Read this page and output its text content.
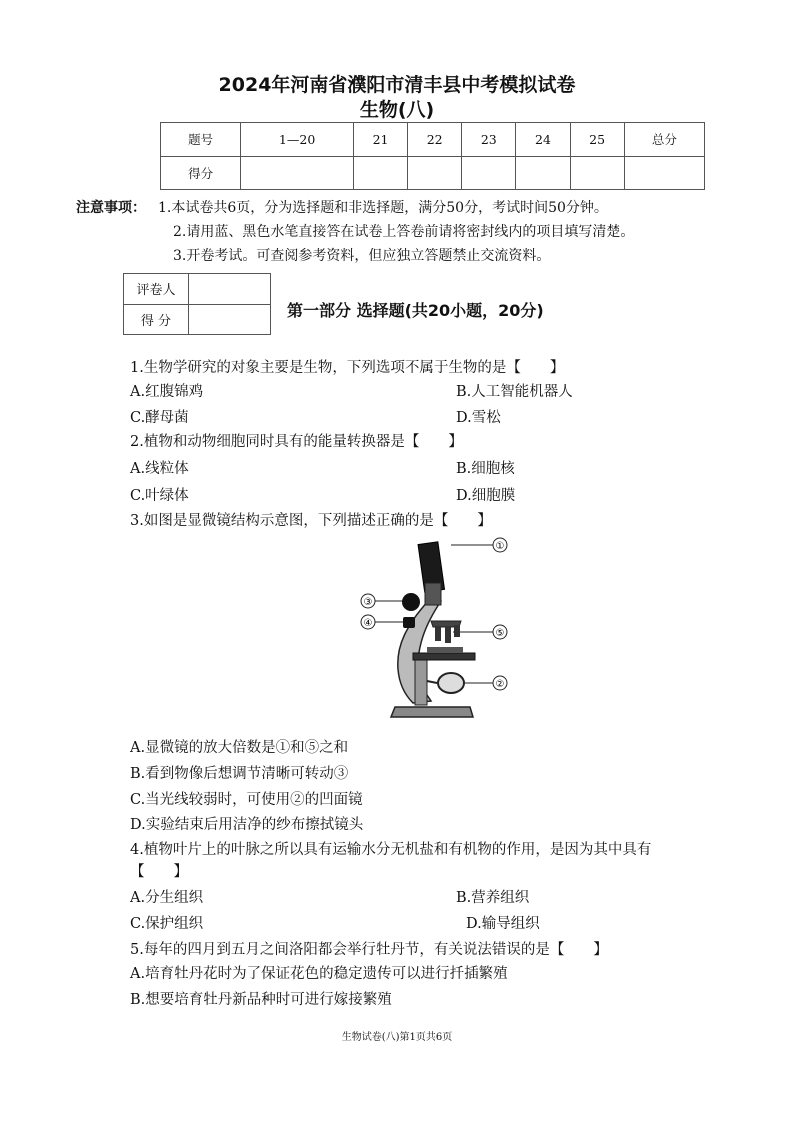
2024年河南省濮阳市清丰县中考模拟试卷
生物(八)
题号	1—20	21	22	23	24	25	总分
得分							
注意事项： 1.本试卷共6页，分为选择题和非选择题，满分50分，考试时间50分钟。
2.请用蓝、黑色水笔直接答在试卷上答卷前请将密封线内的项目填写清楚。
3.开卷考试。可查阅参考资料，但应独立答题禁止交流资料。
评卷人	
得 分	
第一部分 选择题(共20小题，20分)
1.生物学研究的对象主要是生物，下列选项不属于生物的是【　　】
A.红腹锦鸡	B.人工智能机器人
C.酵母菌	D.雪松
2.植物和动物细胞同时具有的能量转换器是【　　】
A.线粒体	B.细胞核
C.叶绿体	D.细胞膜
3.如图是显微镜结构示意图，下列描述正确的是【　　】
①
②
③
④
⑤
A.显微镜的放大倍数是①和⑤之和
B.看到物像后想调节清晰可转动③
C.当光线较弱时，可使用②的凹面镜
D.实验结束后用洁净的纱布擦拭镜头
4.植物叶片上的叶脉之所以具有运输水分无机盐和有机物的作用，是因为其中具有
【　　】
A.分生组织	B.营养组织
C.保护组织	D.输导组织
5.每年的四月到五月之间洛阳都会举行牡丹节，有关说法错误的是【　　】
A.培育牡丹花时为了保证花色的稳定遗传可以进行扦插繁殖
B.想要培育牡丹新品种时可进行嫁接繁殖
生物试卷(八)第1页共6页
